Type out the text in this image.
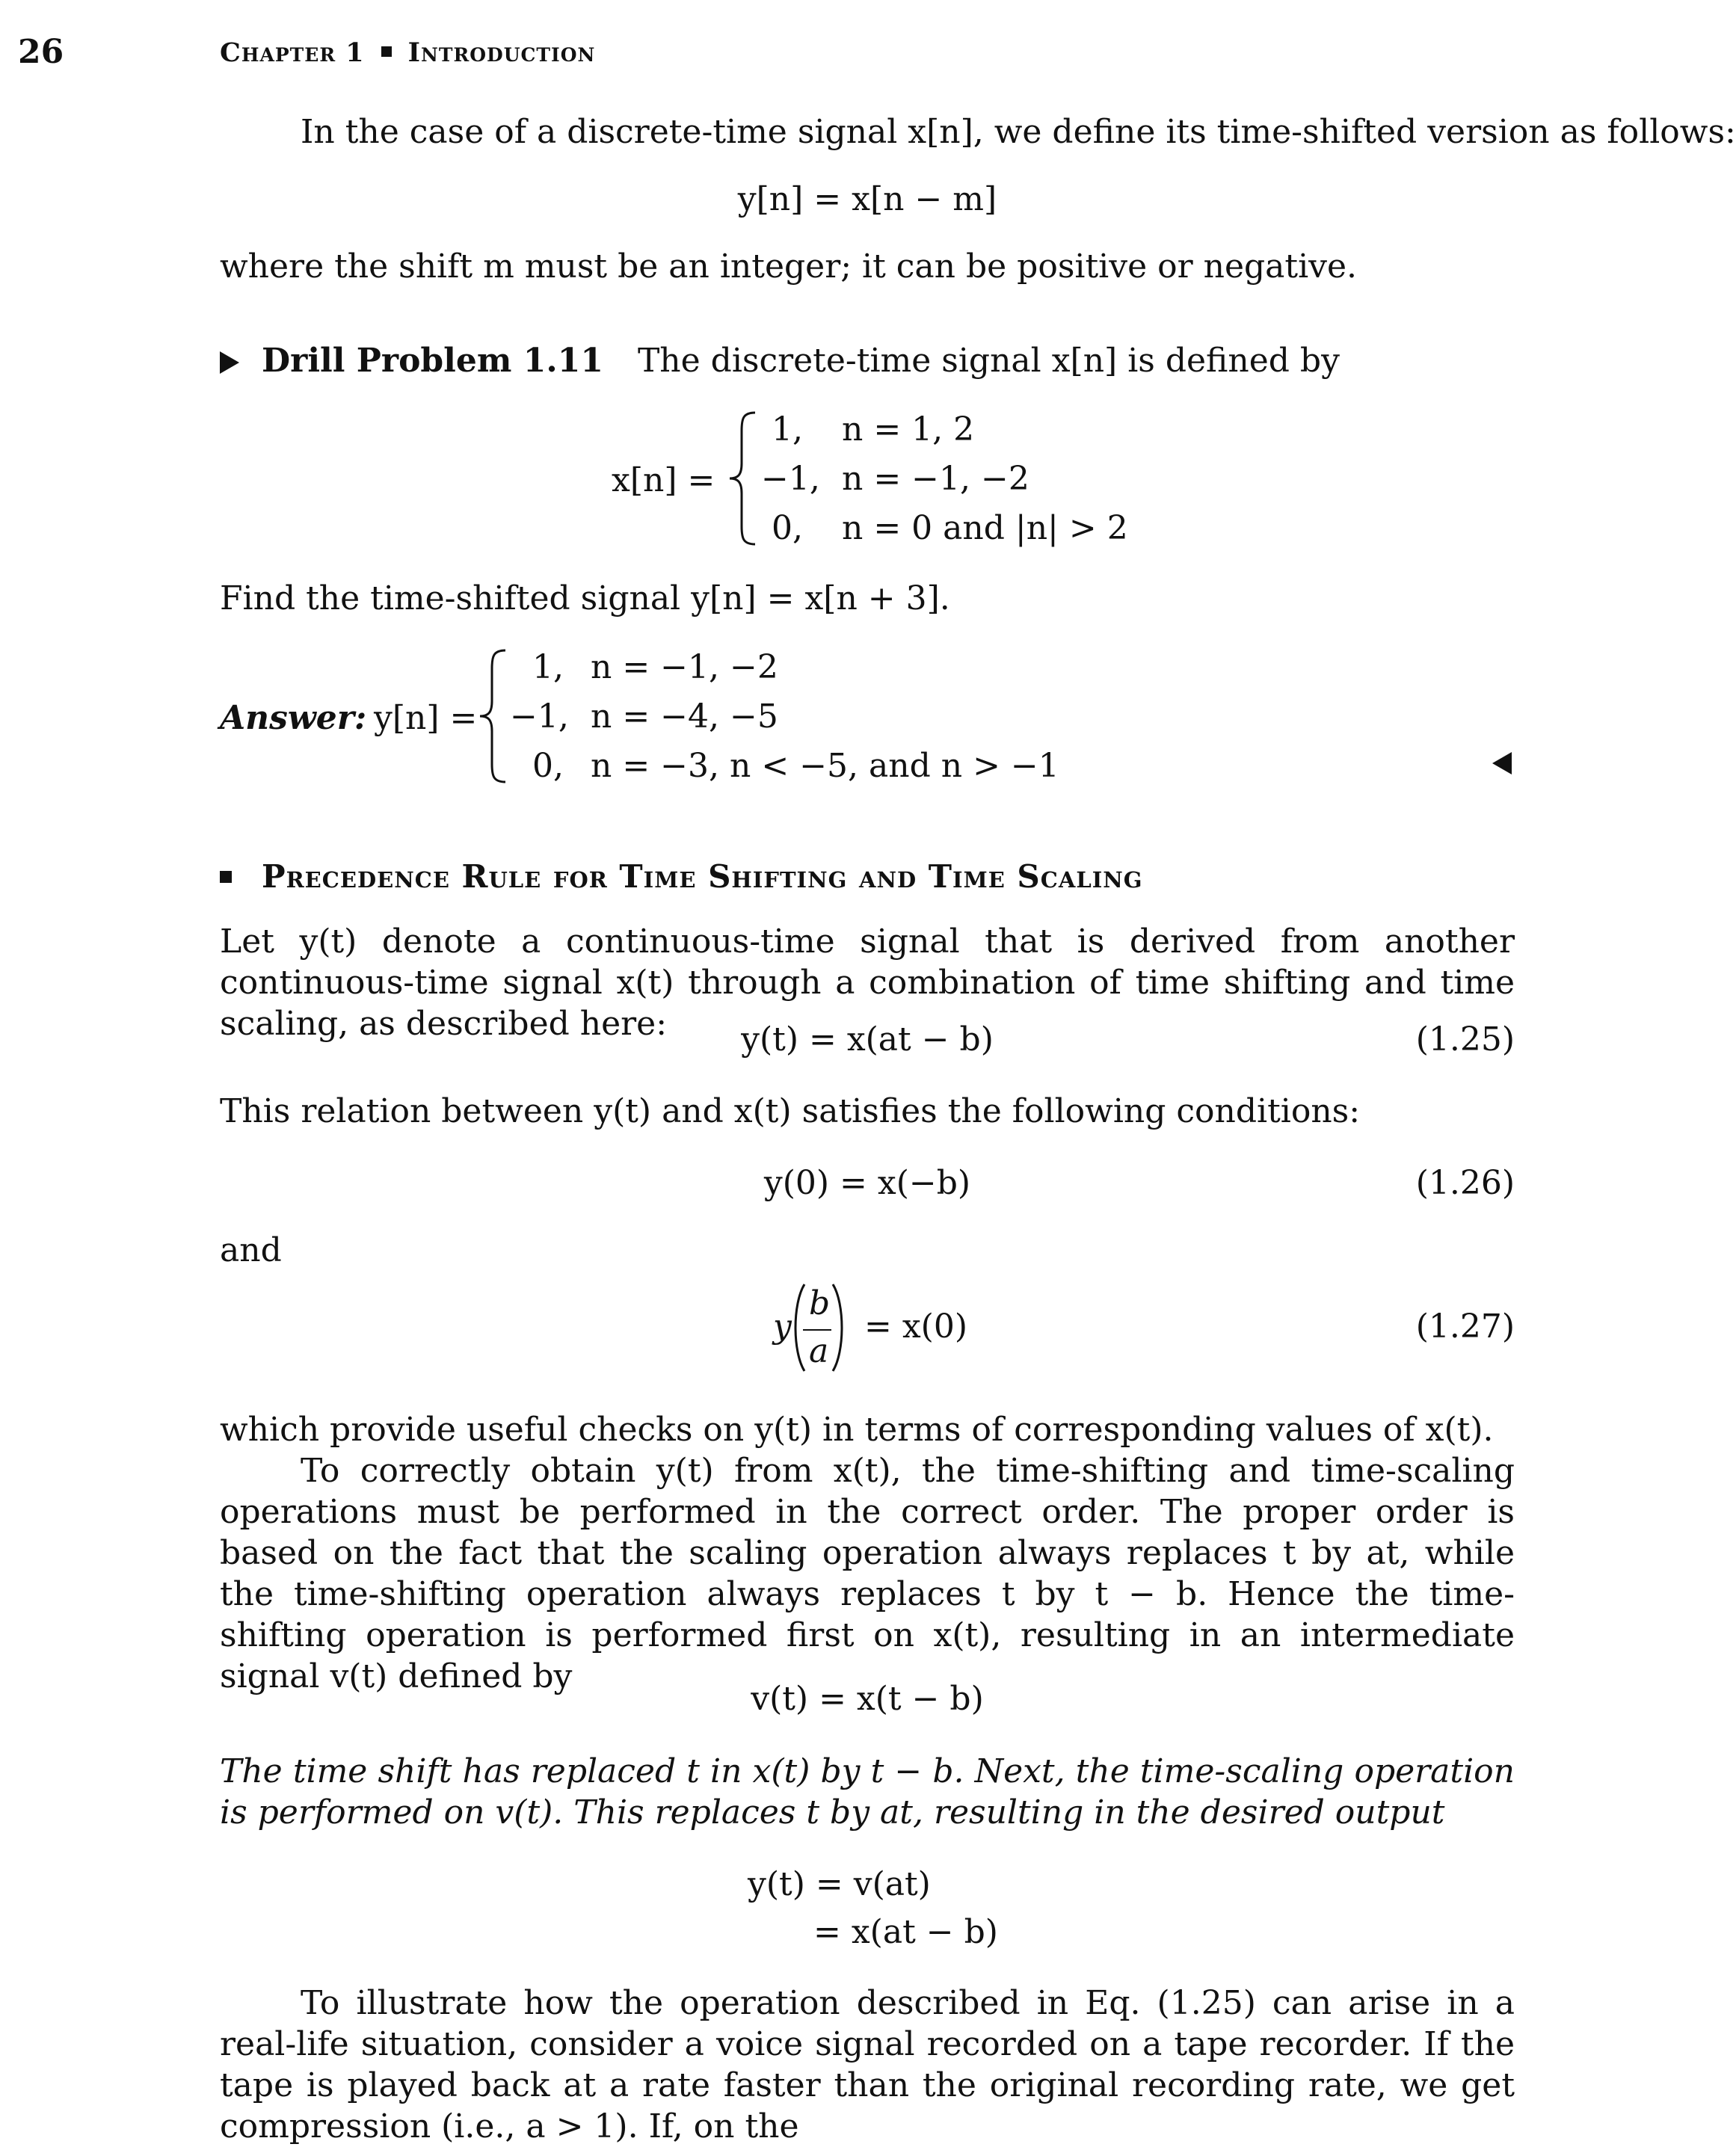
26	Chapter 1 Introduction
In the case of a discrete-time signal x[n], we define its time-shifted version as follows:
y[n] = x[n − m]
where the shift m must be an integer; it can be positive or negative.
Drill Problem 1.11 The discrete-time signal x[n] is defined by
x[n] =
1, n = 1, 2
−1, n = −1, −2
0, n = 0 and |n| > 2
Find the time-shifted signal y[n] = x[n + 3].
Answer: y[n] =
1, n = −1, −2
−1, n = −4, −5
0, n = −3, n < −5, and n > −1
Precedence Rule for Time Shifting and Time Scaling
Let y(t) denote a continuous-time signal that is derived from another continuous-time signal x(t) through a combination of time shifting and time scaling, as described here:	y(t) = x(at − b)	(1.25)
This relation between y(t) and x(t) satisfies the following conditions:
y(0) = x(−b)	(1.26)
and
y
b
a
= x(0)	(1.27)
which provide useful checks on y(t) in terms of corresponding values of x(t).
To correctly obtain y(t) from x(t), the time-shifting and time-scaling operations must be performed in the correct order. The proper order is based on the fact that the scaling operation always replaces t by at, while the time-shifting operation always replaces t by t − b. Hence the time-shifting operation is performed first on x(t), resulting in an intermediate signal v(t) defined by
v(t) = x(t − b)
The time shift has replaced t in x(t) by t − b. Next, the time-scaling operation is performed on v(t). This replaces t by at, resulting in the desired output
y(t) = v(at)
= x(at − b)
To illustrate how the operation described in Eq. (1.25) can arise in a real-life situation, consider a voice signal recorded on a tape recorder. If the tape is played back at a rate faster than the original recording rate, we get compression (i.e., a > 1). If, on the
